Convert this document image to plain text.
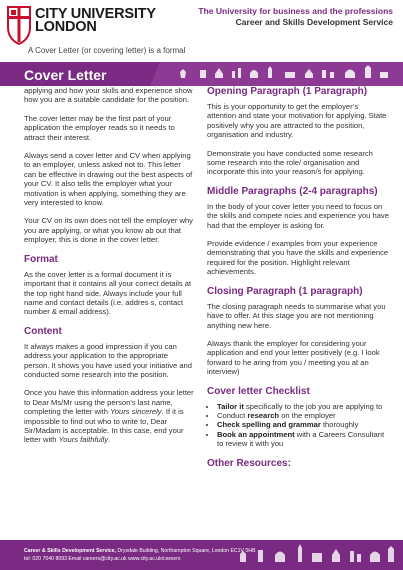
CITY UNIVERSITY
LONDON
The University for business and the professions
Career and Skills Development Service
A Cover Letter (or covering letter) is a formal
Cover Letter

applying and how your skills and experience show how you are a suitable candidate for the position.

The cover letter may be the first part of your application the employer reads so it needs to attract their interest.

Always send a cover letter and CV when applying to an employer, unless asked not to. This letter can be effective in drawing out the best aspects of your CV. It also tells the employer what your motivation is when applying, something they are very interested to know.

Your CV on its own does not tell the employer why you are applying, or what you know ab out that employer, this is done in the cover letter.

Format

As the cover letter is a formal document it is important that it contains all your correct details at the top right hand side. Always include your full name and contact details (i.e. addres s, contact number & email address).

Content

It always makes a good impression if you can address your application to the appropriate person. It shows you have used your initiative and conducted some research into the position.

Once you have this information address your letter to Dear Ms/Mr using the person's last name, completing the letter with Yours sincerely. If it is impossible to find out who to write to, Dear Sir/Madam is acceptable. In this case, end your letter with Yours faithfully.

Opening Paragraph (1 Paragraph)

This is your opportunity to get the employer’s attention and state your motivation for applying. State positively why you are attracted to the position, organisation and industry.

Demonstrate you have conducted some research some research into the role/ organisation and incorporate this into your reason/s for applying.

Middle Paragraphs (2-4 paragraphs)

In the body of your cover letter you need to focus on the skills and compete ncies and experience you have had that the employer is asking for.

Provide evidence / examples from your experience demonstrating that you have the skills and experience required for the position. Highlight relevant achievements.

Closing Paragraph (1 paragraph)

The closing paragraph needs to summarise what you have to offer. At this stage you are not mentioning anything new here.

Always thank the employer for considering your application and end your letter positively (e.g. I look forward to he aring from you / meeting you at an interview)

Cover letter Checklist
• Tailor it specifically to the job you are applying to
• Conduct research on the employer
• Check spelling and grammar thoroughly
• Book an appointment with a Careers Consultant to review it with you
Other Resources:
Career & Skills Development Service, Drysdale Building, Northampton Square, London EC1V 0HB
tel: 020 7040 8093 Email careers@city.ac.uk www.city.ac.uk/careers
